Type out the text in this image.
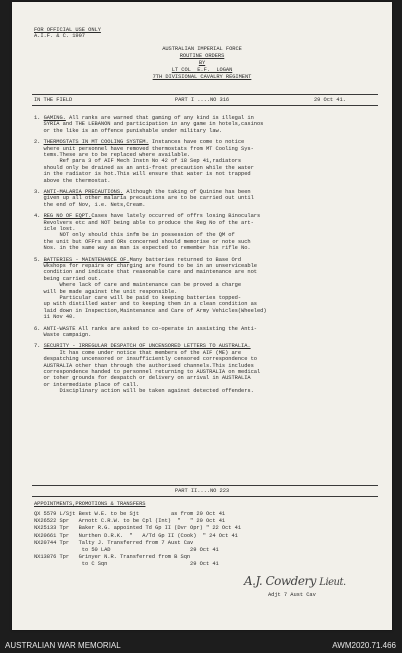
FOR OFFICIAL USE ONLY
A.I.F. & C. 1907
AUSTRALIAN IMPERIAL FORCE
ROUTINE ORDERS
BY
LT COL  E.F.  LOGAN
7TH DIVISIONAL CAVALRY REGIMENT
IN THE FIELD	PART I ....NO 316	29 Oct 41.
1. GAMING. All ranks are warned that gaming of any kind is illegal in
SYRIA and THE LEBANON and participation in any game in hotels,casinos
or the like is an offence punishable under military law.
2. THERMOSTATS IN MT COOLING SYSTEM. Instances have come to notice
where unit personnel have removed thermostats from MT Cooling Sys-
tems.These are to be replaced where available.
Ref para 3 of AIF Mech Instn No 42 of 18 Sep 41,radiators
should only be drained as an anti-frost precaution while the water
in the radiator is hot.This will ensure that water is not trapped
above the thermostat.
3. ANTI-MALARIA PRECAUTIONS. Although the taking of Quinine has been
given up all other malaria precautions are to be carried out until
the end of Nov, i.e. Nets,Cream.
4. REG NO OF EQPT.Cases have lately occurred of offrs losing Binoculars
Revolvers etc and NOT being able to produce the Reg No of the art-
icle lost.
NOT only should this infm be in possession of the QM of
the unit but OFFrs and ORs concerned should memorise or note such
Nos. in the same way as man is expected to remember his rifle No.
5. BATTERIES - MAINTENANCE OF.Many batteries returned to Base Ord
Wkshops for repairs or charging are found to be in an unserviceable
condition and indicate that reasonable care and maintenance are not
being carried out.
Where lack of care and maintenance can be proved a charge
will be made against the unit responsible.
Particular care will be paid to keeping batteries topped-
up with distilled water and to keeping them in a clean condition as
laid down in Inspection,Maintenance and Care of Army Vehicles(Wheeled)
11 Nov 40.
6. ANTI-WASTE All ranks are asked to co-operate in assisting the Anti-
Waste campaign.
7. SECURITY - IRREGULAR DESPATCH OF UNCENSORED LETTERS TO AUSTRALIA.
It has come under notice that members of the AIF (ME) are
despatching uncensored or insufficiently censored correspondence to
AUSTRALIA other than through the authorised channels.This includes
correspondence handed to personnel returning to AUSTRALIA on medical
or toher grounds for despatch or delivery on arrival in AUSTRALIA
or intermediate place of call.
Disciplinary action will be taken against detected offenders.
PART II....NO 223
APPOINTMENTS,PROMOTIONS & TRANSFERS
QX 5579 L/Sjt Best W.E. to be Sjt          as from 20 Oct 41
NX26522 Spr   Arnott C.R.W. to be Cpl (Int)  "   " 20 Oct 41
NX25133 Tpr   Baker R.G. appointed Td Gp II (Dvr Opr) " 22 Oct 41
NX20661 Tpr   Nurthen D.R.K.  "   A/Td Gp II (Cook)  " 24 Oct 41
NX20744 Tpr   Talty J. Transferred from 7 Aust Cav
to 50 LAD                         29 Oct 41
NX13876 Tpr   Grinyer N.R. Transferred from B Sqn
to C Sqn                          29 Oct 41
A.J. Cowdery Lieut.
Adjt 7 Aust Cav
AUSTRALIAN WAR MEMORIAL	AWM2020.71.466
